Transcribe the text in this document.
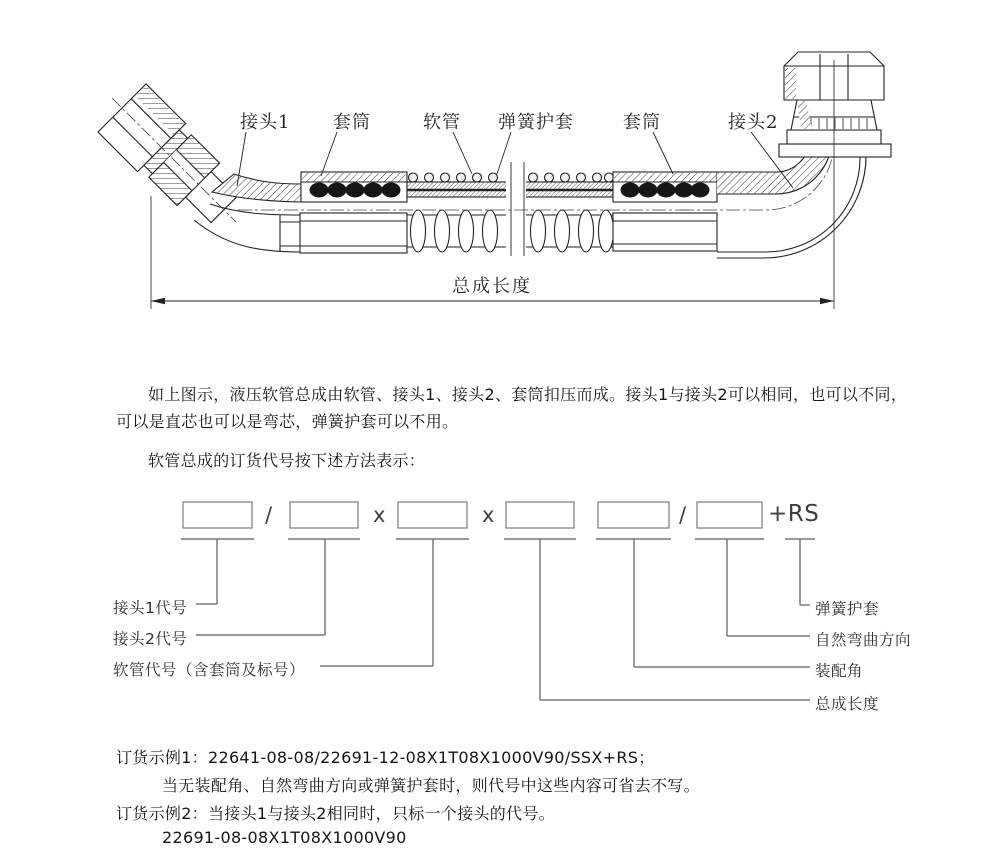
接头1 套筒	软管 弹簧护套	套筒	接头2
总成长度

如上图示，液压软管总成由软管、接头1、接头2、套筒扣压而成。接头1与接头2可以相同，也可以不同，可以是直芯也可以是弯芯，弹簧护套可以不用。

软管总成的订货代号按下述方法表示：

/	x	x	/	+RS
接头1代号
接头2代号
软管代号（含套筒及标号）
弹簧护套
自然弯曲方向
装配角
总成长度

订货示例1：22641-08-08/22691-12-08X1T08X1000V90/SSX+RS；

当无装配角、自然弯曲方向或弹簧护套时，则代号中这些内容可省去不写。

订货示例2：当接头1与接头2相同时，只标一个接头的代号。

22691-08-08X1T08X1000V90
